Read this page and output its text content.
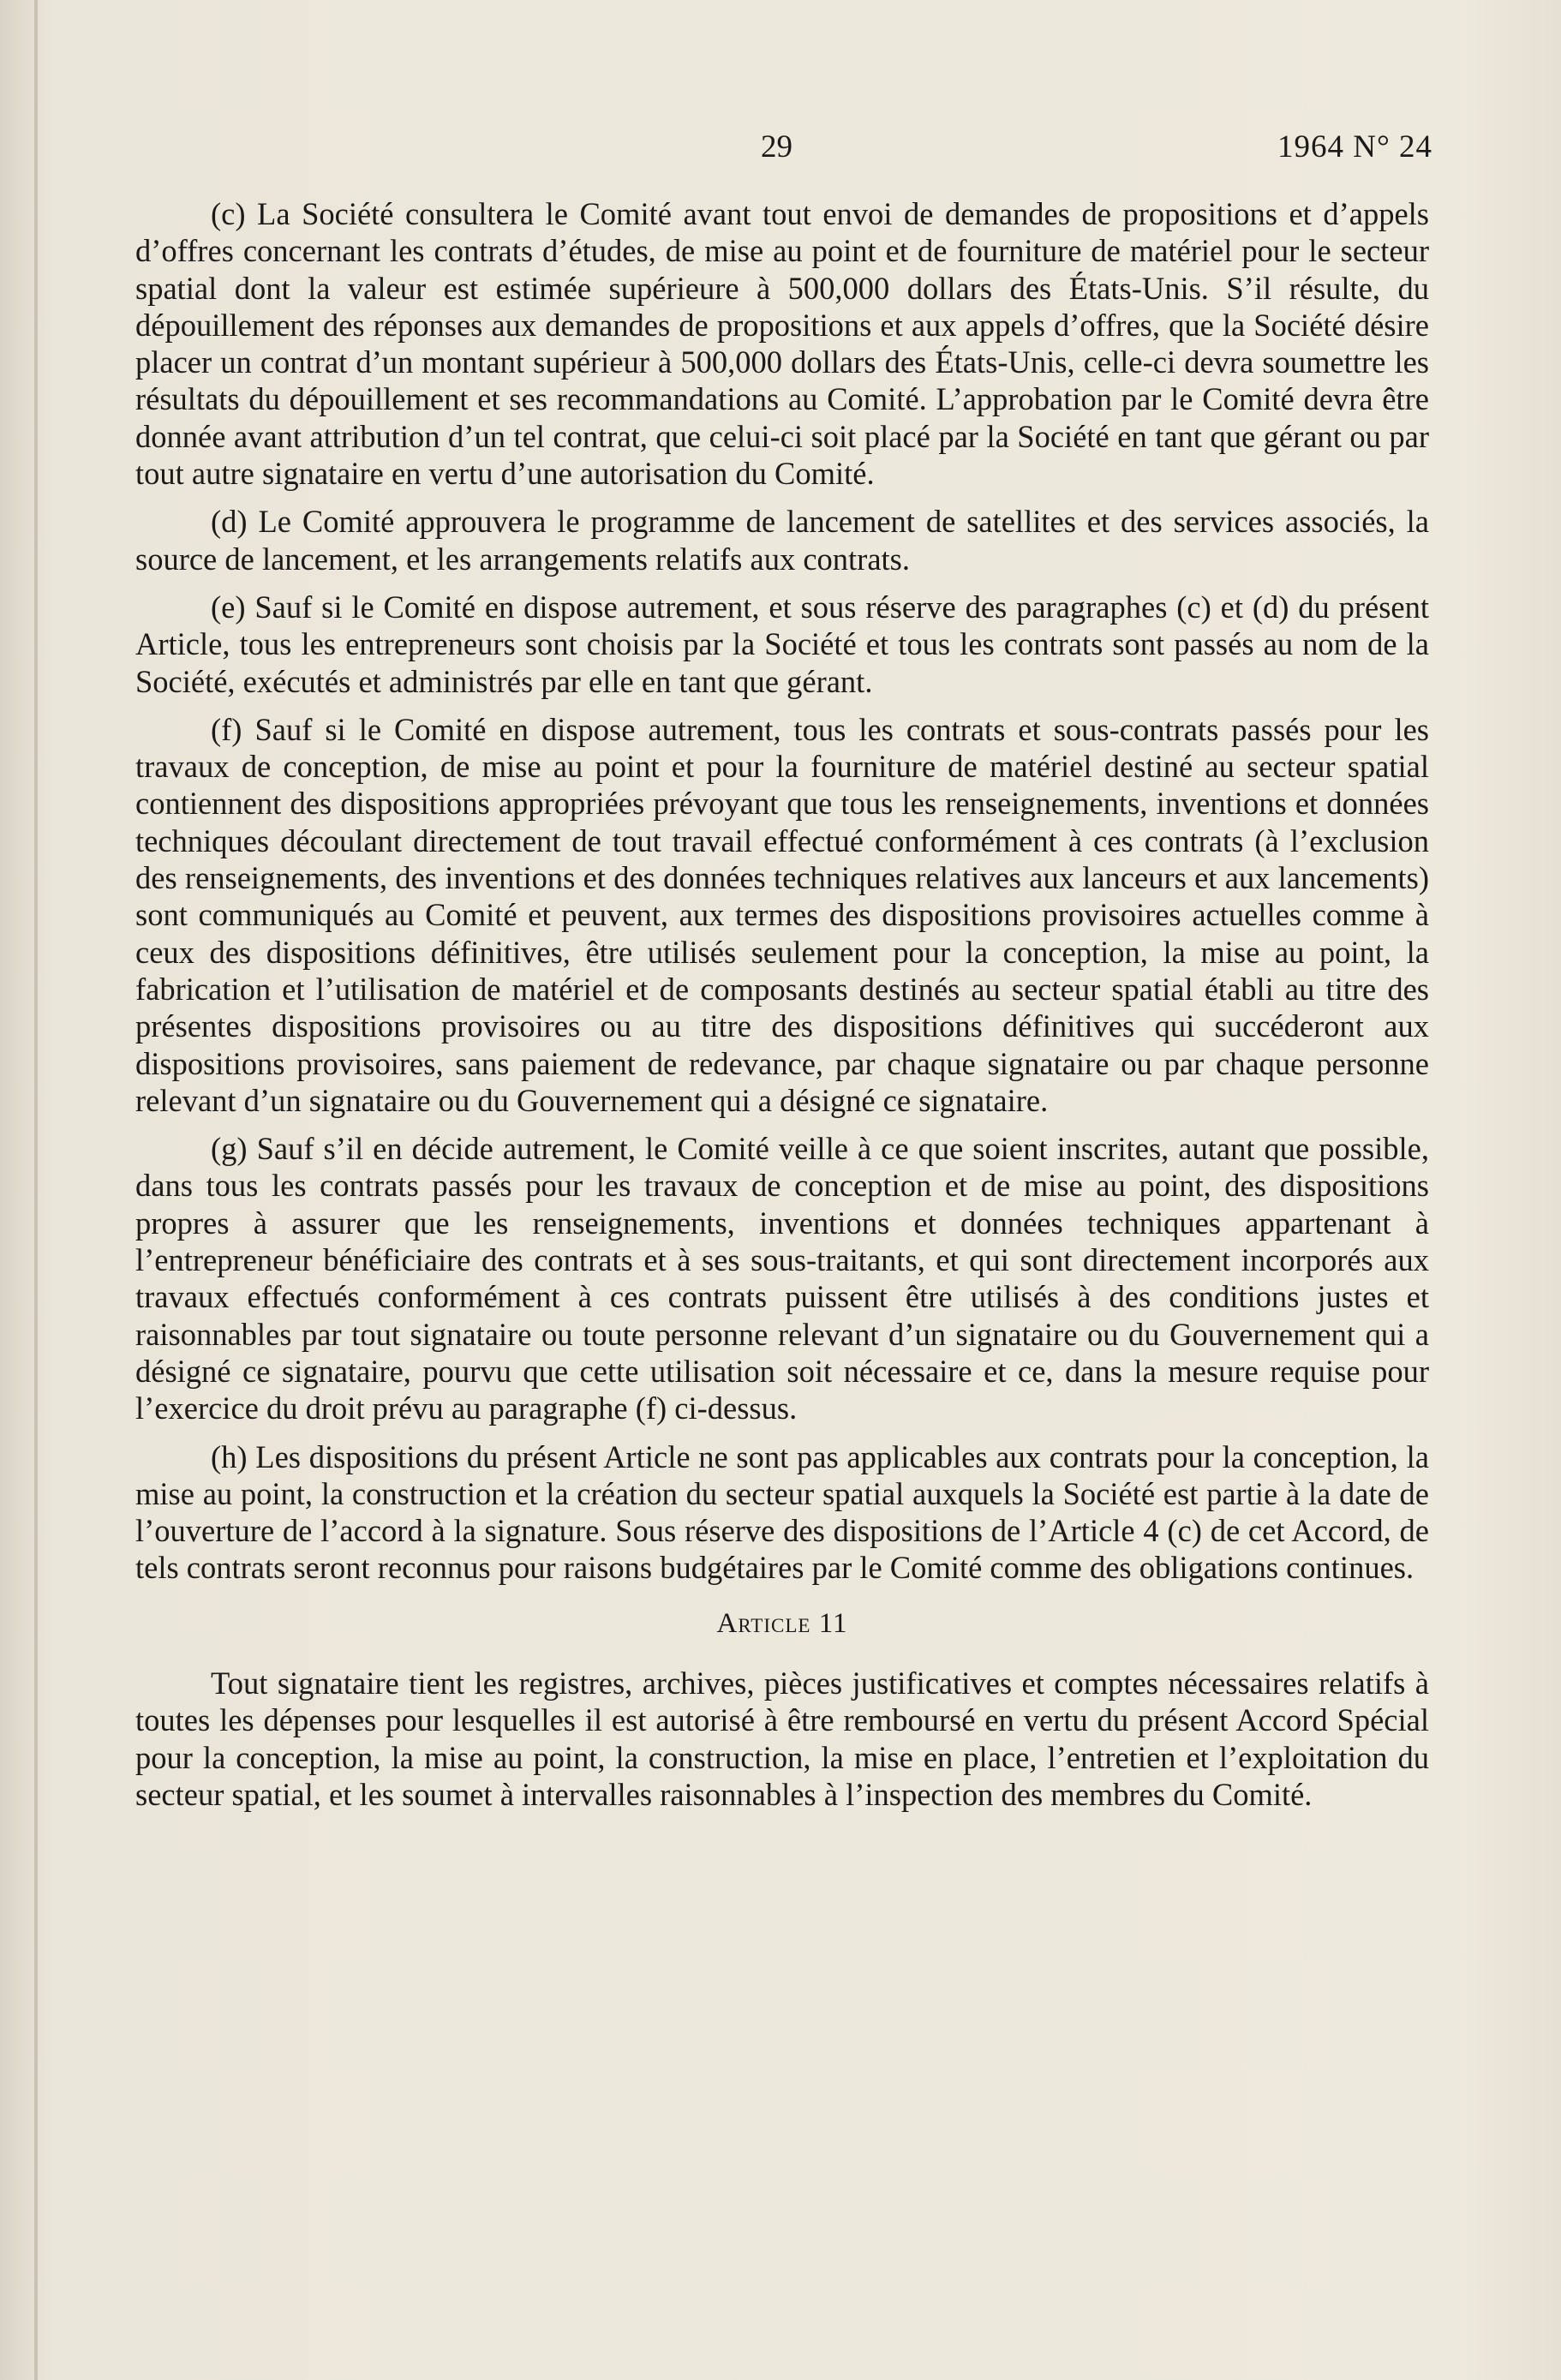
29	1964 N° 24

(c) La Société consultera le Comité avant tout envoi de demandes de propositions et d’appels d’offres concernant les contrats d’études, de mise au point et de fourniture de matériel pour le secteur spatial dont la valeur est estimée supérieure à 500,000 dollars des États-Unis. S’il résulte, du dépouillement des réponses aux demandes de propositions et aux appels d’offres, que la Société désire placer un contrat d’un montant supérieur à 500,000 dollars des États-Unis, celle-ci devra soumettre les résultats du dépouillement et ses recommandations au Comité. L’approbation par le Comité devra être donnée avant attribution d’un tel contrat, que celui-ci soit placé par la Société en tant que gérant ou par tout autre signataire en vertu d’une autorisation du Comité.

(d) Le Comité approuvera le programme de lancement de satellites et des services associés, la source de lancement, et les arrangements relatifs aux contrats.

(e) Sauf si le Comité en dispose autrement, et sous réserve des paragraphes (c) et (d) du présent Article, tous les entrepreneurs sont choisis par la Société et tous les contrats sont passés au nom de la Société, exécutés et administrés par elle en tant que gérant.

(f) Sauf si le Comité en dispose autrement, tous les contrats et sous-contrats passés pour les travaux de conception, de mise au point et pour la fourniture de matériel destiné au secteur spatial contiennent des dispositions appropriées prévoyant que tous les renseignements, inventions et données techniques découlant directement de tout travail effectué conformément à ces contrats (à l’exclusion des renseignements, des inventions et des données techniques relatives aux lanceurs et aux lancements) sont communiqués au Comité et peuvent, aux termes des dispositions provisoires actuelles comme à ceux des dispositions définitives, être utilisés seulement pour la conception, la mise au point, la fabrication et l’utilisation de matériel et de composants destinés au secteur spatial établi au titre des présentes dispositions provisoires ou au titre des dispositions définitives qui succéderont aux dispositions provisoires, sans paiement de redevance, par chaque signataire ou par chaque personne relevant d’un signataire ou du Gouvernement qui a désigné ce signataire.

(g) Sauf s’il en décide autrement, le Comité veille à ce que soient inscrites, autant que possible, dans tous les contrats passés pour les travaux de conception et de mise au point, des dispositions propres à assurer que les renseignements, inventions et données techniques appartenant à l’entrepreneur bénéficiaire des contrats et à ses sous-traitants, et qui sont directement incorporés aux travaux effectués conformément à ces contrats puissent être utilisés à des conditions justes et raisonnables par tout signataire ou toute personne relevant d’un signataire ou du Gouvernement qui a désigné ce signataire, pourvu que cette utilisation soit nécessaire et ce, dans la mesure requise pour l’exercice du droit prévu au paragraphe (f) ci-dessus.

(h) Les dispositions du présent Article ne sont pas applicables aux contrats pour la conception, la mise au point, la construction et la création du secteur spatial auxquels la Société est partie à la date de l’ouverture de l’accord à la signature. Sous réserve des dispositions de l’Article 4 (c) de cet Accord, de tels contrats seront reconnus pour raisons budgétaires par le Comité comme des obligations continues.

Article 11

Tout signataire tient les registres, archives, pièces justificatives et comptes nécessaires relatifs à toutes les dépenses pour lesquelles il est autorisé à être remboursé en vertu du présent Accord Spécial pour la conception, la mise au point, la construction, la mise en place, l’entretien et l’exploitation du secteur spatial, et les soumet à intervalles raisonnables à l’inspection des membres du Comité.
